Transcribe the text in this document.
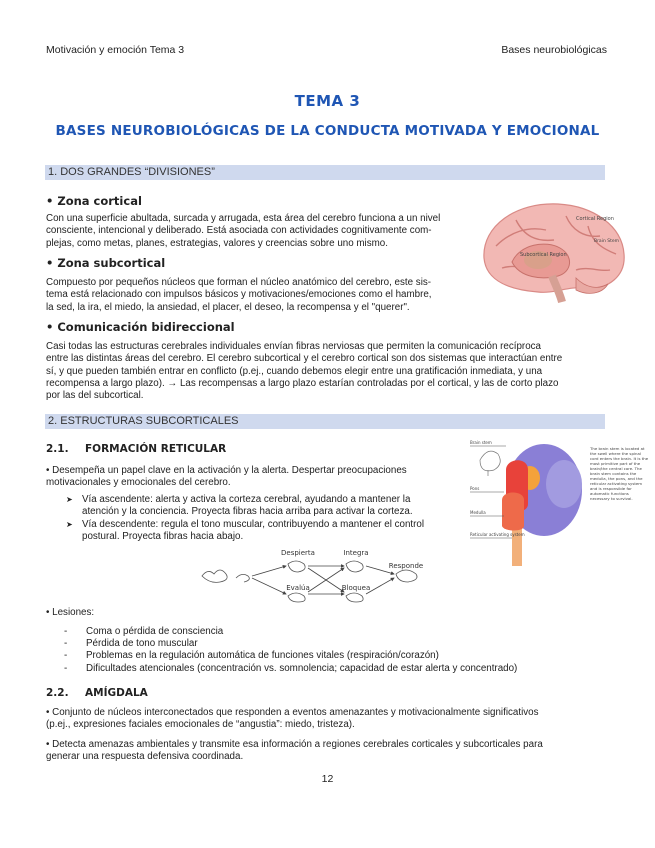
Motivación y emoción Tema 3	Bases neurobiológicas
TEMA 3
BASES NEUROBIOLÓGICAS DE LA CONDUCTA MOTIVADA Y EMOCIONAL
1. DOS GRANDES “DIVISIONES”
• Zona cortical
Con una superficie abultada, surcada y arrugada, esta área del cerebro funciona a un nivel
consciente, intencional y deliberado. Está asociada con actividades cognitivamente com-
plejas, como metas, planes, estrategias, valores y creencias sobre uno mismo.
• Zona subcortical
Compuesto por pequeños núcleos que forman el núcleo anatómico del cerebro, este sis-
tema está relacionado con impulsos básicos y motivaciones/emociones como el hambre,
la sed, la ira, el miedo, la ansiedad, el placer, el deseo, la recompensa y el "querer".
• Comunicación bidireccional
Casi todas las estructuras cerebrales individuales envían fibras nerviosas que permiten la comunicación recíproca
entre las distintas áreas del cerebro. El cerebro subcortical y el cerebro cortical son dos sistemas que interactúan entre
sí, y que pueden también entrar en conflicto (p.ej., cuando debemos elegir entre una gratificación inmediata, y una
recompensa a largo plazo). → Las recompensas a largo plazo estarían controladas por el cortical, y las de corto plazo
por las del subcortical.
Cortical Region
Subcortical Region
Brain Stem
2. ESTRUCTURAS SUBCORTICALES
2.1. FORMACIÓN RETICULAR
• Desempeña un papel clave en la activación y la alerta. Despertar preocupaciones
motivacionales y emocionales del cerebro.
➤ Vía ascendente: alerta y activa la corteza cerebral, ayudando a mantener la
atención y la conciencia. Proyecta fibras hacia arriba para activar la corteza.
➤ Vía descendente: regula el tono muscular, contribuyendo a mantener el control
postural. Proyecta fibras hacia abajo.
Despierta	Integra
Responde
Evalúa	Bloquea
Brain stem
Pons
Medulla
Reticular activating system
The brain stem is located at
the swell where the spinal
cord enters the brain. It is the
most primitive part of the
brain/the central core. The
brain stem contains the
medulla, the pons, and the
reticular activating system
and is responsible for
automatic functions
necessary to survival.
• Lesiones:
- Coma o pérdida de consciencia
- Pérdida de tono muscular
- Problemas en la regulación automática de funciones vitales (respiración/corazón)
- Dificultades atencionales (concentración vs. somnolencia; capacidad de estar alerta y concentrado)
2.2. AMÍGDALA
• Conjunto de núcleos interconectados que responden a eventos amenazantes y motivacionalmente significativos
(p.ej., expresiones faciales emocionales de “angustia”: miedo, tristeza).
• Detecta amenazas ambientales y transmite esa información a regiones cerebrales corticales y subcorticales para
generar una respuesta defensiva coordinada.
12
